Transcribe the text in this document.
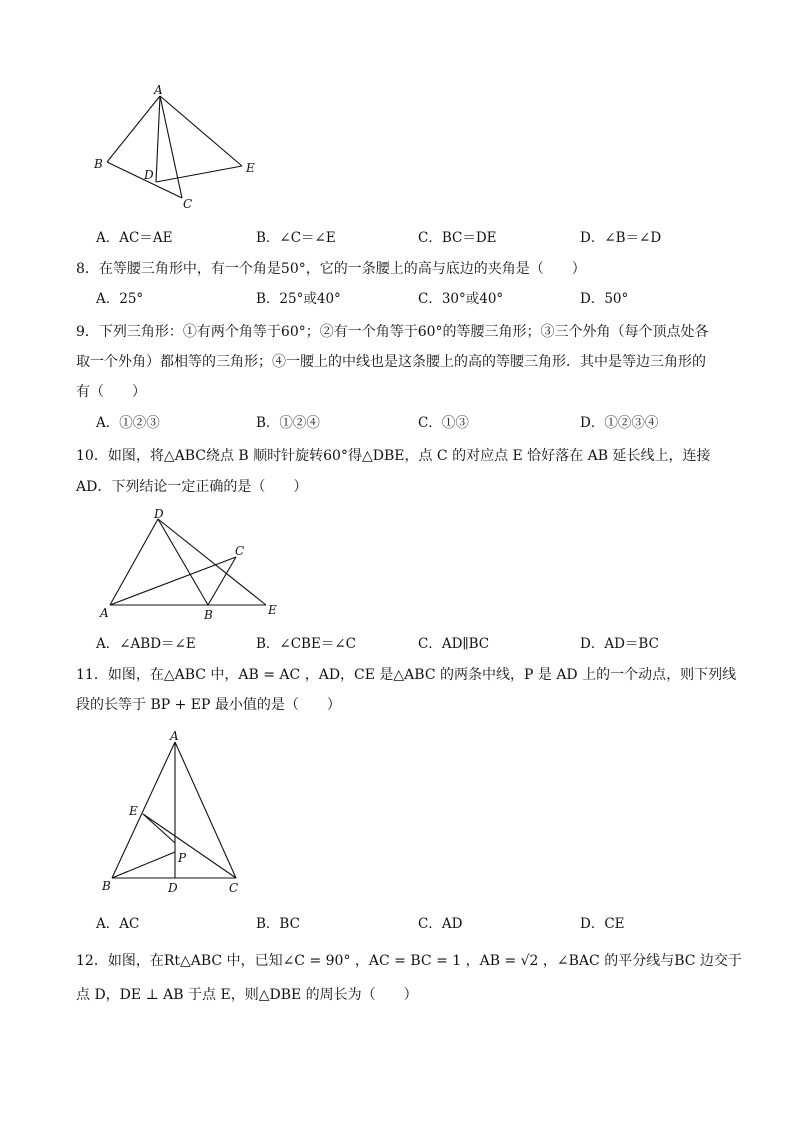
A
B
C
D	E
A．AC＝AE	B．∠C＝∠E	C．BC＝DE	D．∠B＝∠D
8．在等腰三角形中，有一个角是50°，它的一条腰上的高与底边的夹角是（　　）
A．25°	B．25°或40°	C．30°或40°	D．50°
9．下列三角形：①有两个角等于60°；②有一个角等于60°的等腰三角形；③三个外角（每个顶点处各
取一个外角）都相等的三角形；④一腰上的中线也是这条腰上的高的等腰三角形．其中是等边三角形的
有（　　）
A．①②③	B．①②④	C．①③	D．①②③④
10．如图，将△ABC绕点 B 顺时针旋转60°得△DBE，点 C 的对应点 E 恰好落在 AB 延长线上，连接
AD．下列结论一定正确的是（　　）
A	B
C
D
E
A．∠ABD＝∠E	B．∠CBE＝∠C	C．AD∥BC	D．AD＝BC
11．如图，在△ABC 中，AB = AC ，AD，CE 是△ABC 的两条中线，P 是 AD 上的一个动点，则下列线
段的长等于 BP + EP 最小值的是（　　）
A
B	C
D
E
P
A．AC	B．BC	C．AD	D．CE
12．如图，在Rt△ABC 中，已知∠C = 90° ，AC = BC = 1 ，AB = √2 ，∠BAC 的平分线与BC 边交于
点 D，DE ⊥ AB 于点 E，则△DBE 的周长为（　　）
